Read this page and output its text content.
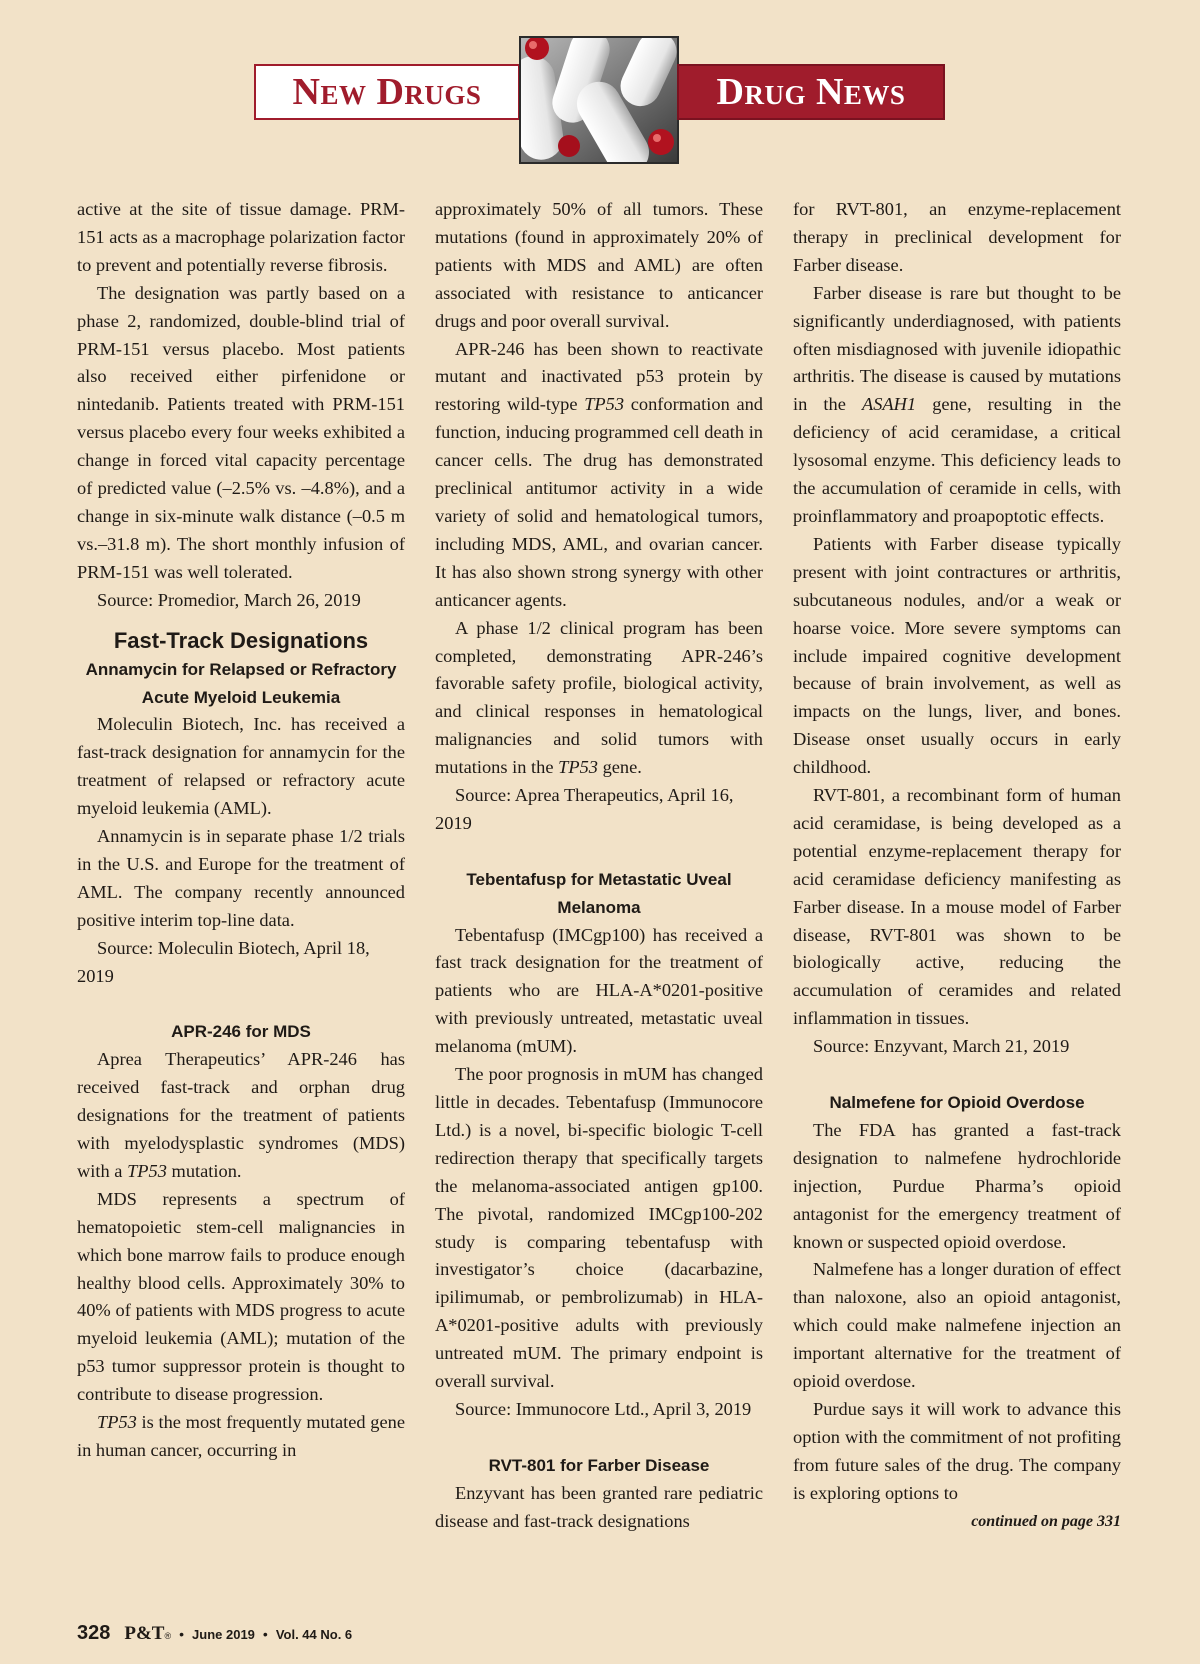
New Drugs	Drug News

active at the site of tissue damage. PRM-151 acts as a macrophage polarization factor to prevent and potentially reverse fibrosis.

The designation was partly based on a phase 2, randomized, double-blind trial of PRM-151 versus placebo. Most patients also received either pirfenidone or nintedanib. Patients treated with PRM-151 versus placebo every four weeks exhibited a change in forced vital capacity percentage of predicted value (–2.5% vs. –4.8%), and a change in six-minute walk distance (–0.5 m vs.–31.8 m). The short monthly infusion of PRM-151 was well tolerated.

Source: Promedior, March 26, 2019

Fast-Track Designations
Annamycin for Relapsed or Refractory Acute Myeloid Leukemia

Moleculin Biotech, Inc. has received a fast-track designation for annamycin for the treatment of relapsed or refractory acute myeloid leukemia (AML).

Annamycin is in separate phase 1/2 trials in the U.S. and Europe for the treatment of AML. The company recently announced positive interim top-line data.

Source: Moleculin Biotech, April 18, 2019

APR-246 for MDS

Aprea Therapeutics’ APR-246 has received fast-track and orphan drug designations for the treatment of patients with myelodysplastic syndromes (MDS) with a TP53 mutation.

MDS represents a spectrum of hematopoietic stem-cell malignancies in which bone marrow fails to produce enough healthy blood cells. Approximately 30% to 40% of patients with MDS progress to acute myeloid leukemia (AML); mutation of the p53 tumor suppressor protein is thought to contribute to disease progression.

TP53 is the most frequently mutated gene in human cancer, occurring in

approximately 50% of all tumors. These mutations (found in approximately 20% of patients with MDS and AML) are often associated with resistance to anticancer drugs and poor overall survival.

APR-246 has been shown to reactivate mutant and inactivated p53 protein by restoring wild-type TP53 conformation and function, inducing programmed cell death in cancer cells. The drug has demonstrated preclinical antitumor activity in a wide variety of solid and hematological tumors, including MDS, AML, and ovarian cancer. It has also shown strong synergy with other anticancer agents.

A phase 1/2 clinical program has been completed, demonstrating APR-246’s favorable safety profile, biological activity, and clinical responses in hematological malignancies and solid tumors with mutations in the TP53 gene.

Source: Aprea Therapeutics, April 16, 2019

Tebentafusp for Metastatic Uveal Melanoma

Tebentafusp (IMCgp100) has received a fast track designation for the treatment of patients who are HLA-A*0201-positive with previously untreated, metastatic uveal melanoma (mUM).

The poor prognosis in mUM has changed little in decades. Tebentafusp (Immunocore Ltd.) is a novel, bi-specific biologic T-cell redirection therapy that specifically targets the melanoma-associated antigen gp100. The pivotal, randomized IMCgp100-202 study is comparing tebentafusp with investigator’s choice (dacarbazine, ipilimumab, or pembrolizumab) in HLA-A*0201-positive adults with previously untreated mUM. The primary endpoint is overall survival.

Source: Immunocore Ltd., April 3, 2019

RVT-801 for Farber Disease

Enzyvant has been granted rare pediatric disease and fast-track designations

for RVT-801, an enzyme-replacement therapy in preclinical development for Farber disease.

Farber disease is rare but thought to be significantly underdiagnosed, with patients often misdiagnosed with juvenile idiopathic arthritis. The disease is caused by mutations in the ASAH1 gene, resulting in the deficiency of acid ceramidase, a critical lysosomal enzyme. This deficiency leads to the accumulation of ceramide in cells, with proinflammatory and proapoptotic effects.

Patients with Farber disease typically present with joint contractures or arthritis, subcutaneous nodules, and/or a weak or hoarse voice. More severe symptoms can include impaired cognitive development because of brain involvement, as well as impacts on the lungs, liver, and bones. Disease onset usually occurs in early childhood.

RVT-801, a recombinant form of human acid ceramidase, is being developed as a potential enzyme-replacement therapy for acid ceramidase deficiency manifesting as Farber disease. In a mouse model of Farber disease, RVT-801 was shown to be biologically active, reducing the accumulation of ceramides and related inflammation in tissues.

Source: Enzyvant, March 21, 2019

Nalmefene for Opioid Overdose

The FDA has granted a fast-track designation to nalmefene hydrochloride injection, Purdue Pharma’s opioid antagonist for the emergency treatment of known or suspected opioid overdose.

Nalmefene has a longer duration of effect than naloxone, also an opioid antagonist, which could make nalmefene injection an important alternative for the treatment of opioid overdose.

Purdue says it will work to advance this option with the commitment of not profiting from future sales of the drug. The company is exploring options to

continued on page 331
328 P&T ® • June 2019 • Vol. 44 No. 6
